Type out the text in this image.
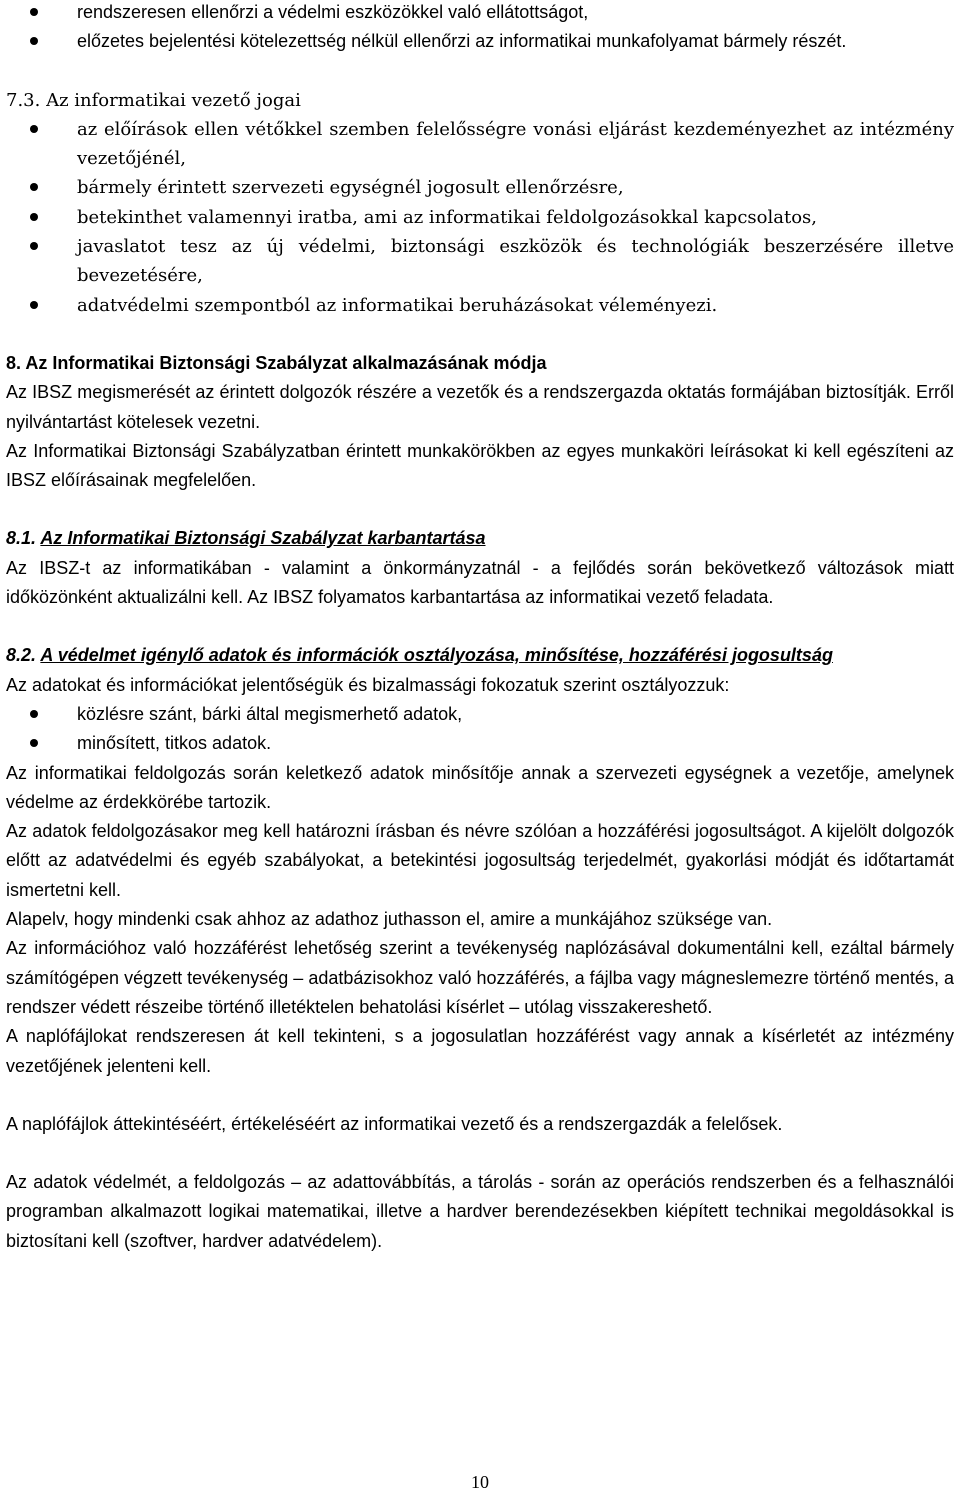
rendszeresen ellenőrzi a védelmi eszközökkel való ellátottságot,
előzetes bejelentési kötelezettség nélkül ellenőrzi az informatikai munkafolyamat bármely részét.
7.3. Az informatikai vezető jogai
az előírások ellen vétőkkel szemben felelősségre vonási eljárást kezdeményezhet az intézmény vezetőjénél,
bármely érintett szervezeti egységnél jogosult ellenőrzésre,
betekinthet valamennyi iratba, ami az informatikai feldolgozásokkal kapcsolatos,
javaslatot tesz az új védelmi, biztonsági eszközök és technológiák beszerzésére illetve bevezetésére,
adatvédelmi szempontból az informatikai beruházásokat véleményezi.
8. Az Informatikai Biztonsági Szabályzat alkalmazásának módja

Az IBSZ megismerését az érintett dolgozók részére a vezetők és a rendszergazda oktatás formájában biztosítják. Erről nyilvántartást kötelesek vezetni.

Az Informatikai Biztonsági Szabályzatban érintett munkakörökben az egyes munkaköri leírásokat ki kell egészíteni az IBSZ előírásainak megfelelően.

8.1. Az Informatikai Biztonsági Szabályzat karbantartása

Az IBSZ-t az informatikában - valamint a önkormányzatnál - a fejlődés során bekövetkező változások miatt időközönként aktualizálni kell. Az IBSZ folyamatos karbantartása az informatikai vezető feladata.

8.2. A védelmet igénylő adatok és információk osztályozása, minősítése, hozzáférési jogosultság

Az adatokat és információkat jelentőségük és bizalmassági fokozatuk szerint osztályozzuk:

közlésre szánt, bárki által megismerhető adatok,
minősített, titkos adatok.

Az informatikai feldolgozás során keletkező adatok minősítője annak a szervezeti egységnek a vezetője, amelynek védelme az érdekkörébe tartozik.

Az adatok feldolgozásakor meg kell határozni írásban és névre szólóan a hozzáférési jogosultságot. A kijelölt dolgozók előtt az adatvédelmi és egyéb szabályokat, a betekintési jogosultság terjedelmét, gyakorlási módját és időtartamát ismertetni kell.

Alapelv, hogy mindenki csak ahhoz az adathoz juthasson el, amire a munkájához szüksége van.

Az információhoz való hozzáférést lehetőség szerint a tevékenység naplózásával dokumentálni kell, ezáltal bármely számítógépen végzett tevékenység – adatbázisokhoz való hozzáférés, a fájlba vagy mágneslemezre történő mentés, a rendszer védett részeibe történő illetéktelen behatolási kísérlet – utólag visszakereshető.

A naplófájlokat rendszeresen át kell tekinteni, s a jogosulatlan hozzáférést vagy annak a kísérletét az intézmény vezetőjének jelenteni kell.

A naplófájlok áttekintéséért, értékeléséért az informatikai vezető és a rendszergazdák a felelősek.

Az adatok védelmét, a feldolgozás – az adattovábbítás, a tárolás - során az operációs rendszerben és a felhasználói programban alkalmazott logikai matematikai, illetve a hardver berendezésekben kiépített technikai megoldásokkal is biztosítani kell (szoftver, hardver adatvédelem).

10
